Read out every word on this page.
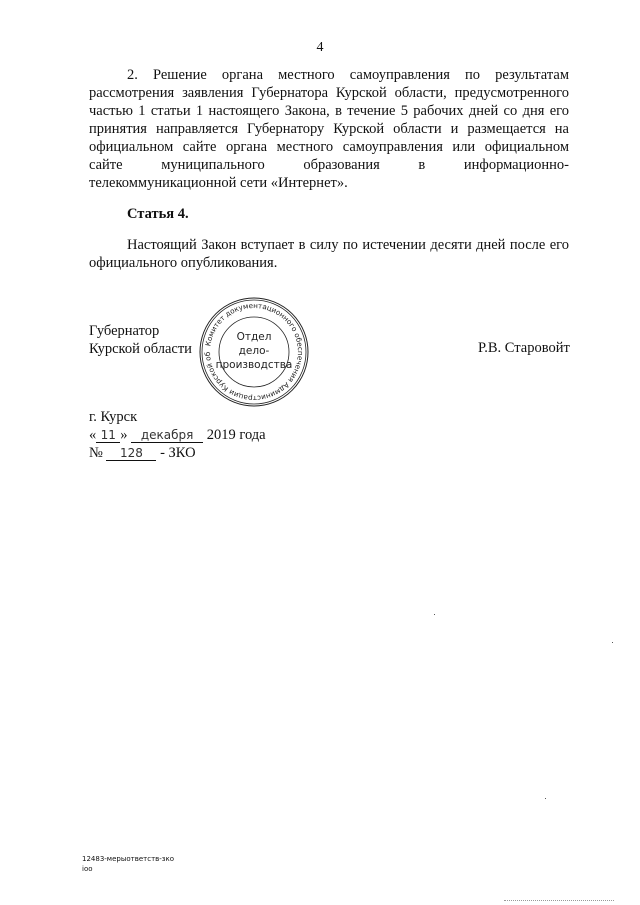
4
2. Решение органа местного самоуправления по результатам рассмотрения заявления Губернатора Курской области, предусмотренного частью 1 статьи 1 настоящего Закона, в течение 5 рабочих дней со дня его принятия направляется Губернатору Курской области и размещается на официальном сайте органа местного самоуправления или официальном сайте муниципального образования в информационно-телекоммуникационной сети «Интернет».
Статья 4.
Настоящий Закон вступает в силу по истечении десяти дней после его официального опубликования.
Губернатор
Курской области	Комитет документационного обеспечения Администрации Курской об
Отдел
дело-
производства
Р.В. Старовойт
г. Курск
« 11 » декабря 2019 года
№ 128 - ЗКО
12483-мерыответств-зко
ioo
